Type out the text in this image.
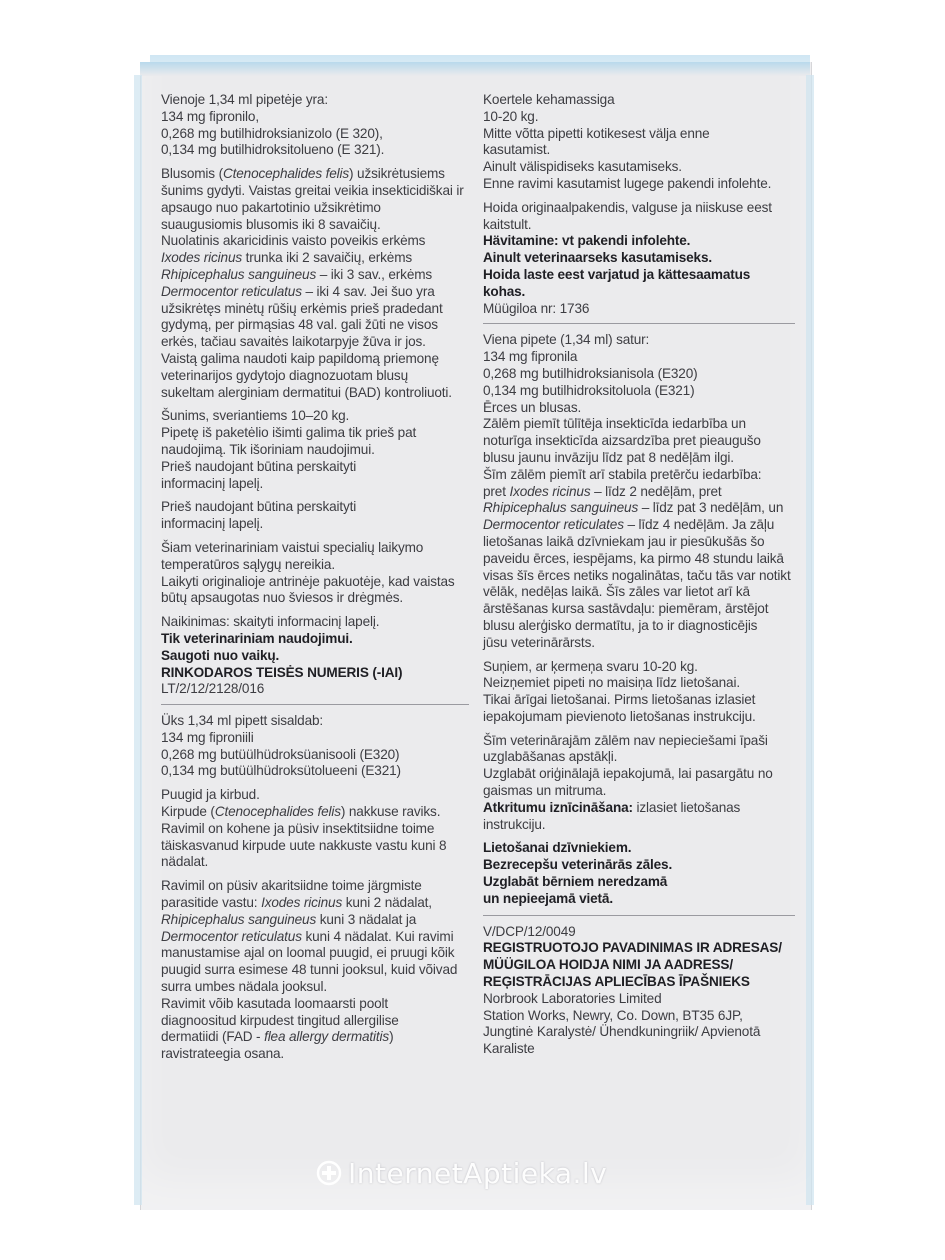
Vienoje 1,34 ml pipetėje yra:
134 mg fipronilo,
0,268 mg butilhidroksianizolo (E 320),
0,134 mg butilhidroksitolueno (E 321).

Blusomis (Ctenocephalides felis) užsikrėtusiems
šunims gydyti. Vaistas greitai veikia insekticidiškai ir
apsaugo nuo pakartotinio užsikrėtimo
suaugusiomis blusomis iki 8 savaičių.
Nuolatinis akaricidinis vaisto poveikis erkėms
Ixodes ricinus trunka iki 2 savaičių, erkėms
Rhipicephalus sanguineus – iki 3 sav., erkėms
Dermocentor reticulatus – iki 4 sav. Jei šuo yra
užsikrėtęs minėtų rūšių erkėmis prieš pradedant
gydymą, per pirmąsias 48 val. gali žūti ne visos
erkės, tačiau savaitės laikotarpyje žūva ir jos.
Vaistą galima naudoti kaip papildomą priemonę
veterinarijos gydytojo diagnozuotam blusų
sukeltam alerginiam dermatitui (BAD) kontroliuoti.

Šunims, sveriantiems 10–20 kg.
Pipetę iš paketėlio išimti galima tik prieš pat
naudojimą. Tik išoriniam naudojimui.
Prieš naudojant būtina perskaityti
informacinį lapelį.

Prieš naudojant būtina perskaityti
informacinį lapelį.

Šiam veterinariniam vaistui specialių laikymo
temperatūros sąlygų nereikia.
Laikyti originalioje antrinėje pakuotėje, kad vaistas
būtų apsaugotas nuo šviesos ir drėgmės.

Naikinimas: skaityti informacinį lapelį.
Tik veterinariniam naudojimui.
Saugoti nuo vaikų.
RINKODAROS TEISĖS NUMERIS (-IAI)
LT/2/12/2128/016

Üks 1,34 ml pipett sisaldab:
134 mg fiproniili
0,268 mg butüülhüdroksüanisooli (E320)
0,134 mg butüülhüdroksütolueeni (E321)

Puugid ja kirbud.
Kirpude (Ctenocephalides felis) nakkuse raviks.
Ravimil on kohene ja püsiv insektitsiidne toime
täiskasvanud kirpude uute nakkuste vastu kuni 8
nädalat.

Ravimil on püsiv akaritsiidne toime järgmiste
parasitide vastu: Ixodes ricinus kuni 2 nädalat,
Rhipicephalus sanguineus kuni 3 nädalat ja
Dermocentor reticulatus kuni 4 nädalat. Kui ravimi
manustamise ajal on loomal puugid, ei pruugi kõik
puugid surra esimese 48 tunni jooksul, kuid võivad
surra umbes nädala jooksul.
Ravimit võib kasutada loomaarsti poolt
diagnoositud kirpudest tingitud allergilise
dermatiidi (FAD - flea allergy dermatitis)
ravistrateegia osana.

Koertele kehamassiga
10-20 kg.
Mitte võtta pipetti kotikesest välja enne
kasutamist.
Ainult välispidiseks kasutamiseks.
Enne ravimi kasutamist lugege pakendi infolehte.

Hoida originaalpakendis, valguse ja niiskuse eest
kaitstult.
Hävitamine: vt pakendi infolehte.
Ainult veterinaarseks kasutamiseks.
Hoida laste eest varjatud ja kättesaamatus
kohas.
Müügiloa nr: 1736

Viena pipete (1,34 ml) satur:
134 mg fipronila
0,268 mg butilhidroksianisola (E320)
0,134 mg butilhidroksitoluola (E321)
Ērces un blusas.
Zālēm piemīt tūlītēja insekticīda iedarbība un
noturīga insekticīda aizsardzība pret pieaugušo
blusu jaunu invāziju līdz pat 8 nedēļām ilgi.
Šīm zālēm piemīt arī stabila pretērču iedarbība:
pret Ixodes ricinus – līdz 2 nedēļām, pret
Rhipicephalus sanguineus – līdz pat 3 nedēļām, un
Dermocentor reticulates – līdz 4 nedēļām. Ja zāļu
lietošanas laikā dzīvniekam jau ir piesūkušās šo
paveidu ērces, iespējams, ka pirmo 48 stundu laikā
visas šīs ērces netiks nogalinātas, taču tās var notikt
vēlāk, nedēļas laikā. Šīs zāles var lietot arī kā
ārstēšanas kursa sastāvdaļu: piemēram, ārstējot
blusu alerģisko dermatītu, ja to ir diagnosticējis
jūsu veterinārārsts.

Suņiem, ar ķermeņa svaru 10-20 kg.
Neizņemiet pipeti no maisiņa līdz lietošanai.
Tikai ārīgai lietošanai. Pirms lietošanas izlasiet
iepakojumam pievienoto lietošanas instrukciju.

Šīm veterinārajām zālēm nav nepieciešami īpaši
uzglabāšanas apstākļi.
Uzglabāt oriģinālajā iepakojumā, lai pasargātu no
gaismas un mitruma.
Atkritumu iznīcināšana: izlasiet lietošanas
instrukciju.

Lietošanai dzīvniekiem.
Bezrecepšu veterinārās zāles.
Uzglabāt bērniem neredzamā
un nepieejamā vietā.

V/DCP/12/0049
REGISTRUOTOJO PAVADINIMAS IR ADRESAS/
MÜÜGILOA HOIDJA NIMI JA AADRESS/
REĢISTRĀCIJAS APLIECĪBAS ĪPAŠNIEKS
Norbrook Laboratories Limited
Station Works, Newry, Co. Down, BT35 6JP,
Jungtinė Karalystė/ Ühendkuningriik/ Apvienotā
Karaliste

InternetAptieka.lv
